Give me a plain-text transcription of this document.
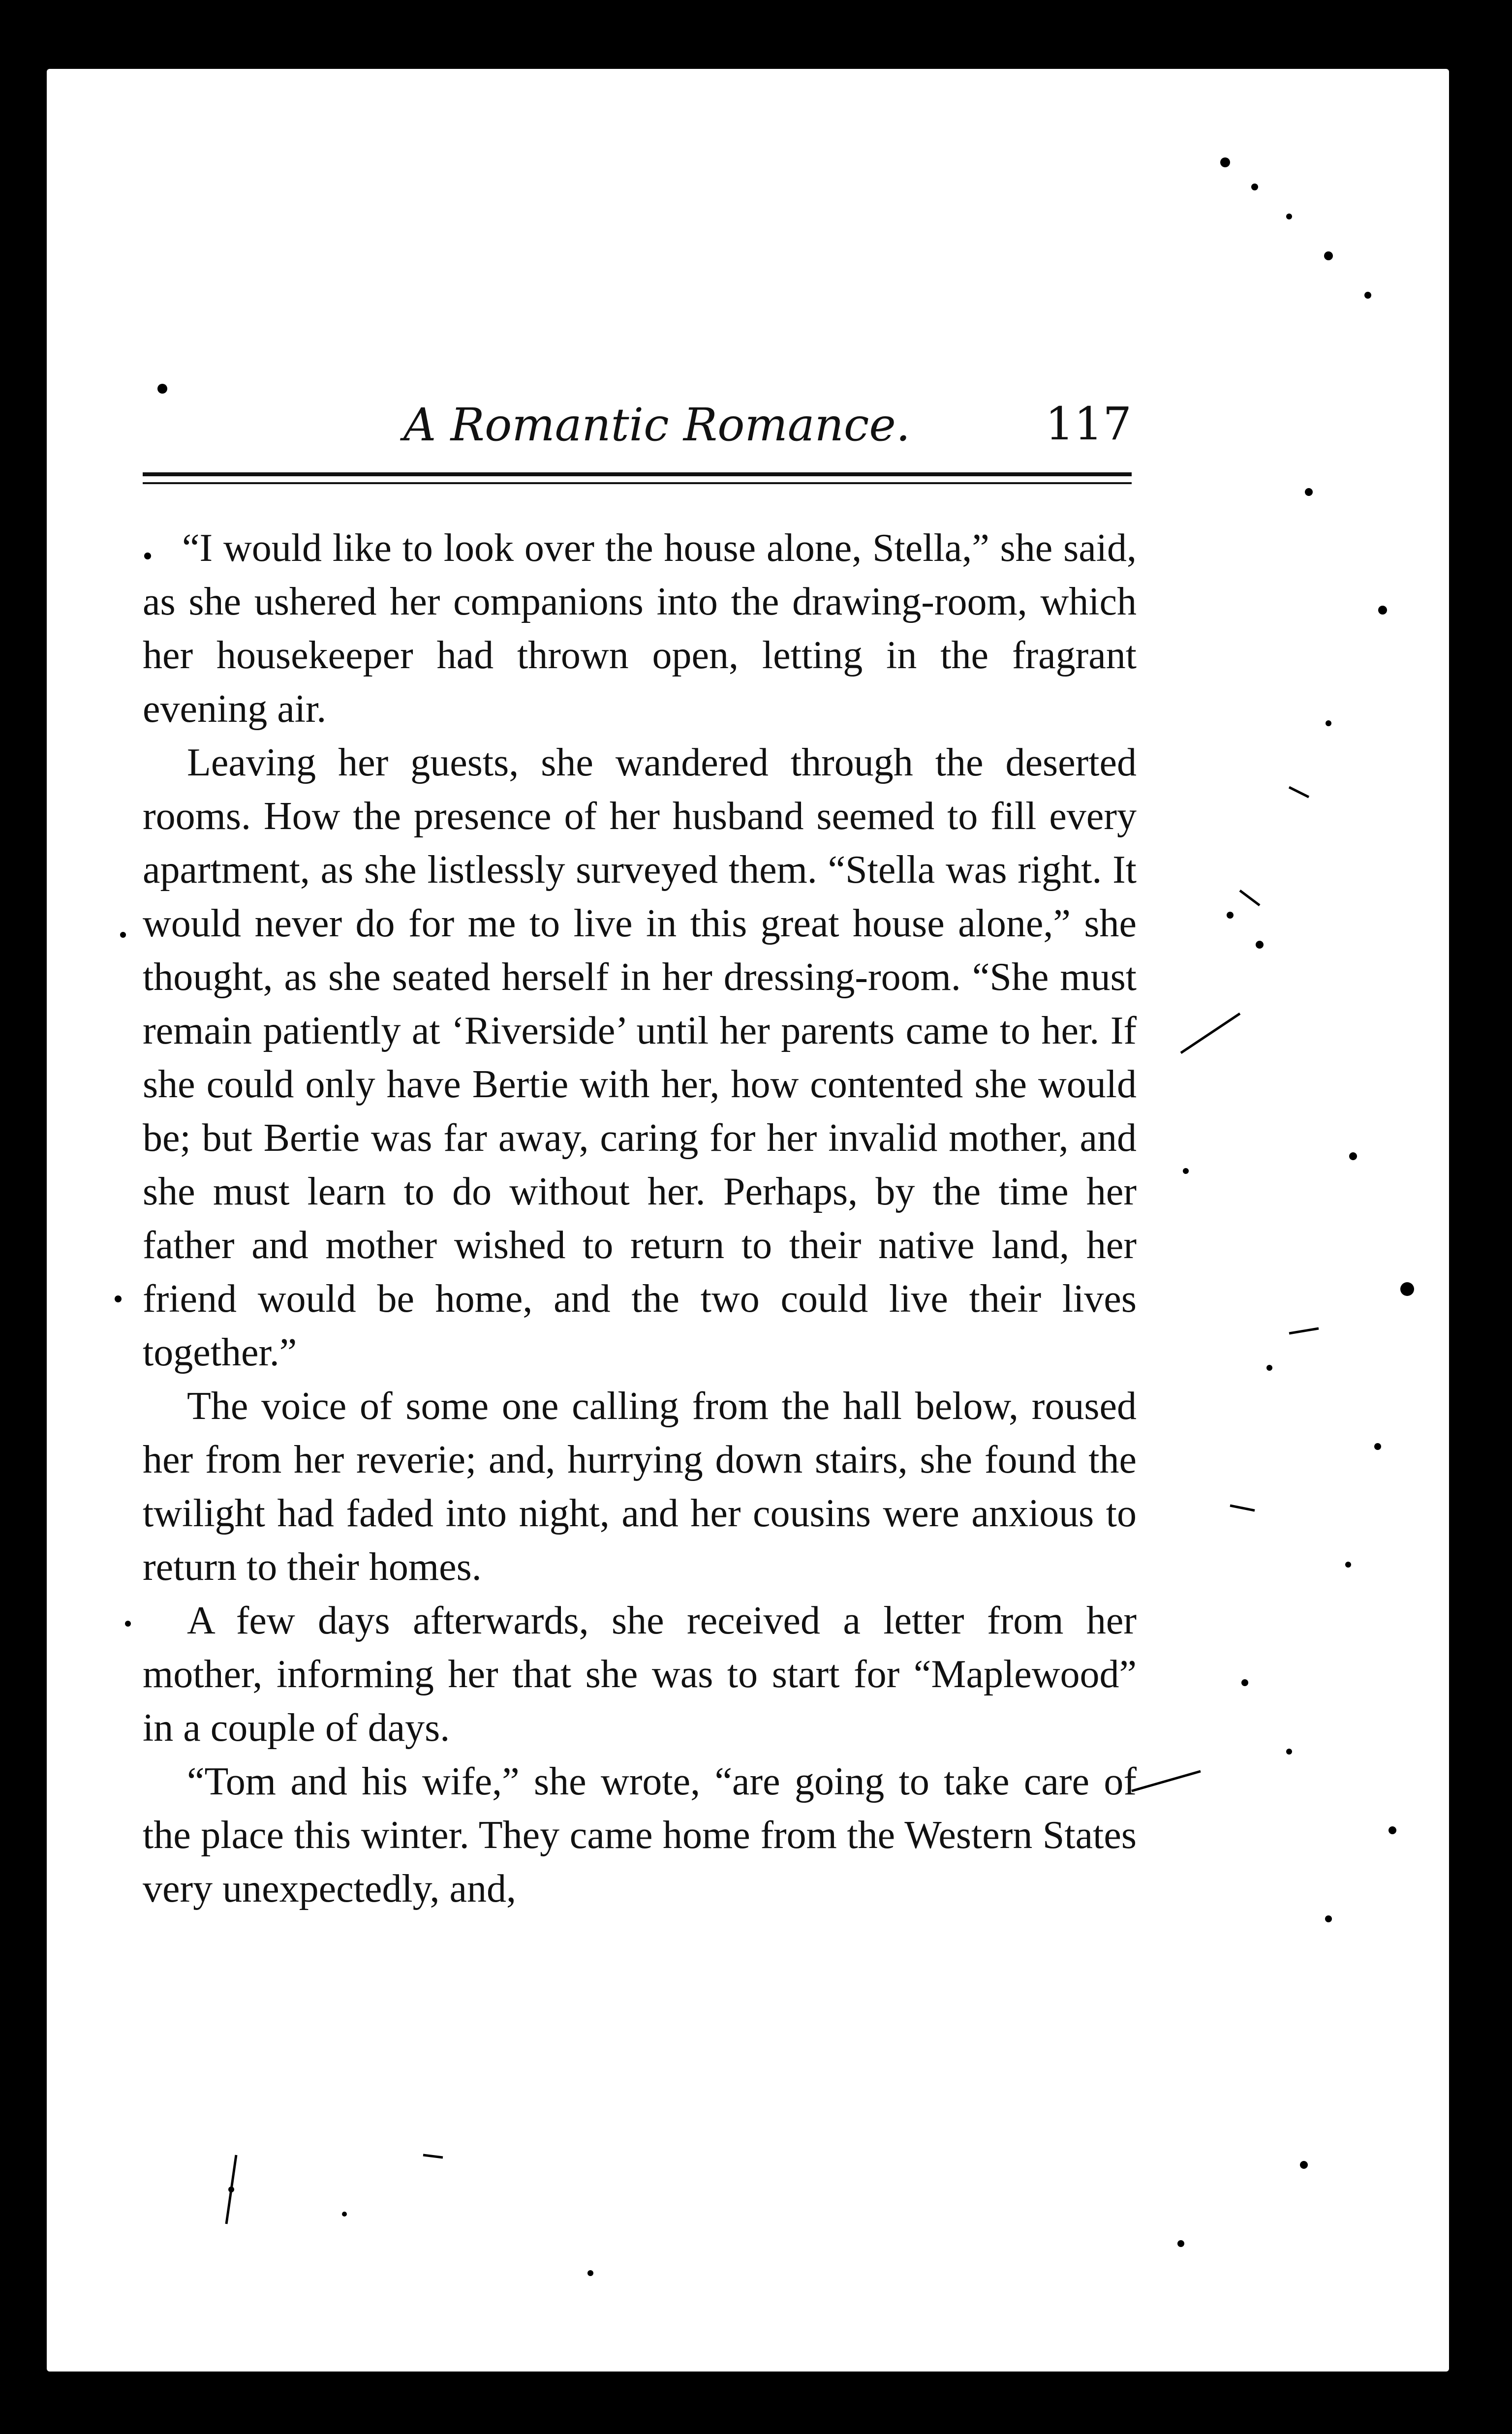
A Romantic Romance.	117

“I would like to look over the house alone, Stella,” she said, as she ushered her companions into the drawing-room, which her housekeeper had thrown open, letting in the fragrant evening air.

Leaving her guests, she wandered through the deserted rooms. How the presence of her husband seemed to fill every apartment, as she listlessly surveyed them. “Stella was right. It would never do for me to live in this great house alone,” she thought, as she seated herself in her dressing-room. “She must remain patiently at ‘Riverside’ until her parents came to her. If she could only have Bertie with her, how contented she would be; but Bertie was far away, caring for her invalid mother, and she must learn to do without her. Perhaps, by the time her father and mother wished to return to their native land, her friend would be home, and the two could live their lives together.”

The voice of some one calling from the hall below, roused her from her reverie; and, hurrying down stairs, she found the twilight had faded into night, and her cousins were anxious to return to their homes.

A few days afterwards, she received a letter from her mother, informing her that she was to start for “Maplewood” in a couple of days.

“Tom and his wife,” she wrote, “are going to take care of the place this winter. They came home from the Western States very unexpectedly, and,
